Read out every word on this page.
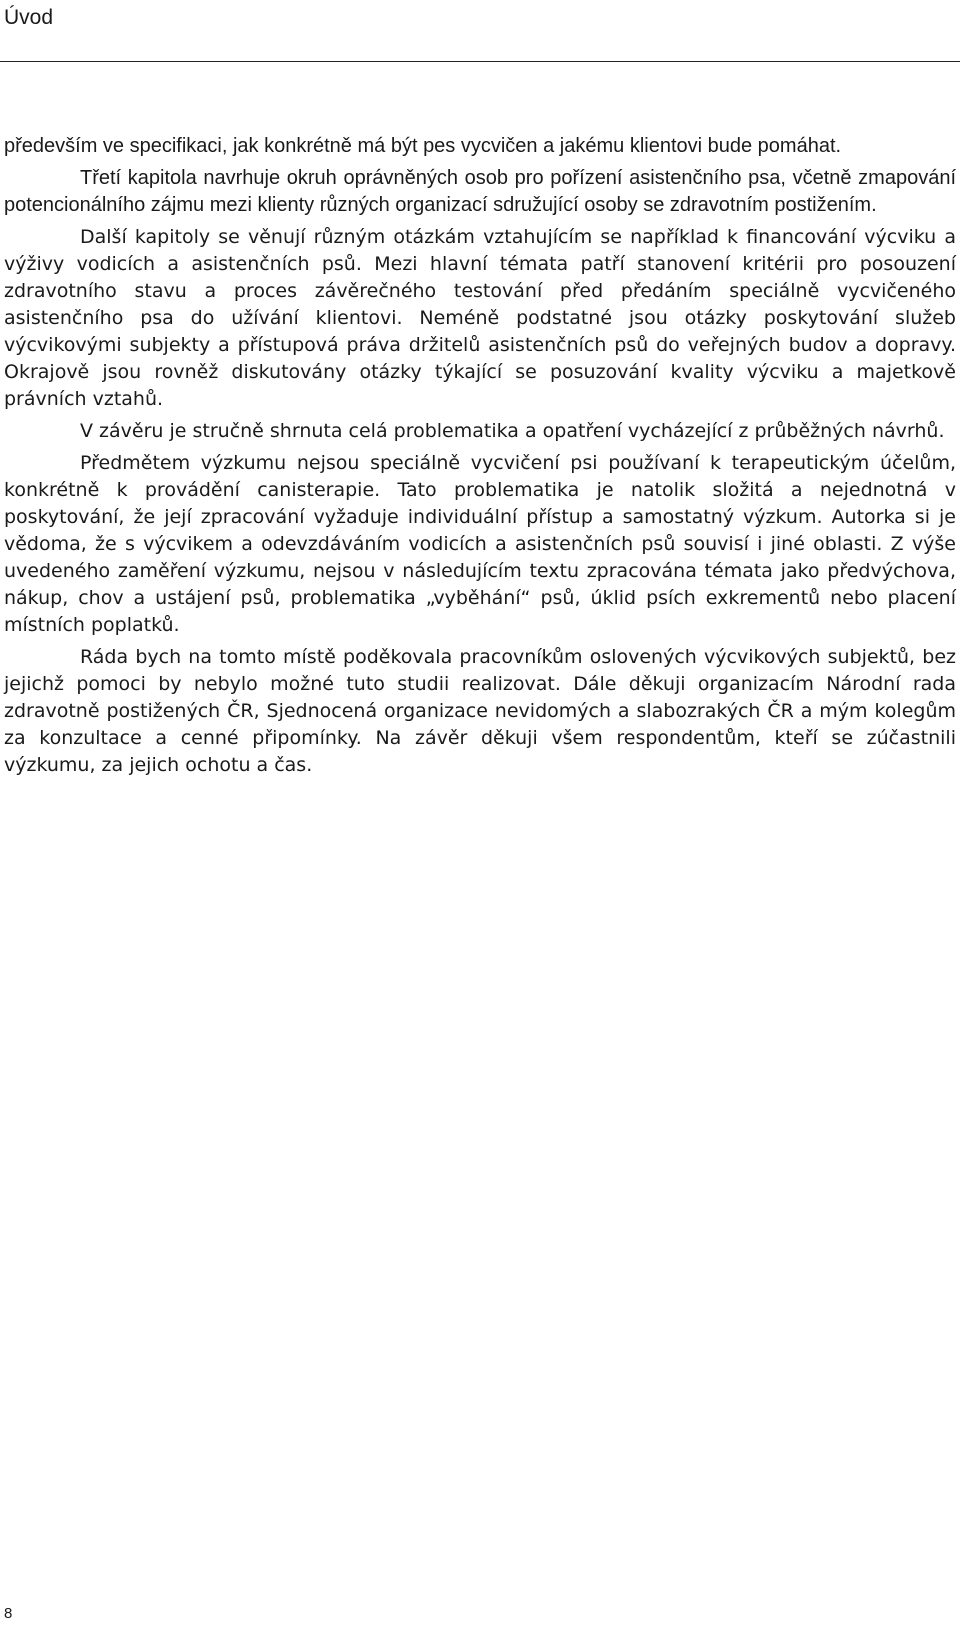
Úvod

především ve specifikaci, jak konkrétně má být pes vycvičen a jakému klientovi bude pomáhat.

Třetí kapitola navrhuje okruh oprávněných osob pro pořízení asistenčního psa, včetně zmapování potencionálního zájmu mezi klienty různých organizací sdružující osoby se zdravotním postižením.

Další kapitoly se věnují různým otázkám vztahujícím se například k financování výcviku a výživy vodicích a asistenčních psů. Mezi hlavní témata patří stanovení kritérii pro posouzení zdravotního stavu a proces závěrečného testování před předáním speciálně vycvičeného asistenčního psa do užívání klientovi. Neméně podstatné jsou otázky poskytování služeb výcvikovými subjekty a přístupová práva držitelů asistenčních psů do veřejných budov a dopravy. Okrajově jsou rovněž diskutovány otázky týkající se posuzování kvality výcviku a majetkově právních vztahů.

V závěru je stručně shrnuta celá problematika a opatření vycházející z průběžných návrhů.

Předmětem výzkumu nejsou speciálně vycvičení psi používaní k terapeutickým účelům, konkrétně k provádění canisterapie. Tato problematika je natolik složitá a nejednotná v poskytování, že její zpracování vyžaduje individuální přístup a samostatný výzkum. Autorka si je vědoma, že s výcvikem a odevzdáváním vodicích a asistenčních psů souvisí i jiné oblasti. Z výše uvedeného zaměření výzkumu, nejsou v následujícím textu zpracována témata jako předvýchova, nákup, chov a ustájení psů, problematika „vyběhání“ psů, úklid psích exkrementů nebo placení místních poplatků.

Ráda bych na tomto místě poděkovala pracovníkům oslovených výcvikových subjektů, bez jejichž pomoci by nebylo možné tuto studii realizovat. Dále děkuji organizacím Národní rada zdravotně postižených ČR, Sjednocená organizace nevidomých a slabozrakých ČR a mým kolegům za konzultace a cenné připomínky. Na závěr děkuji všem respondentům, kteří se zúčastnili výzkumu, za jejich ochotu a čas.

8
